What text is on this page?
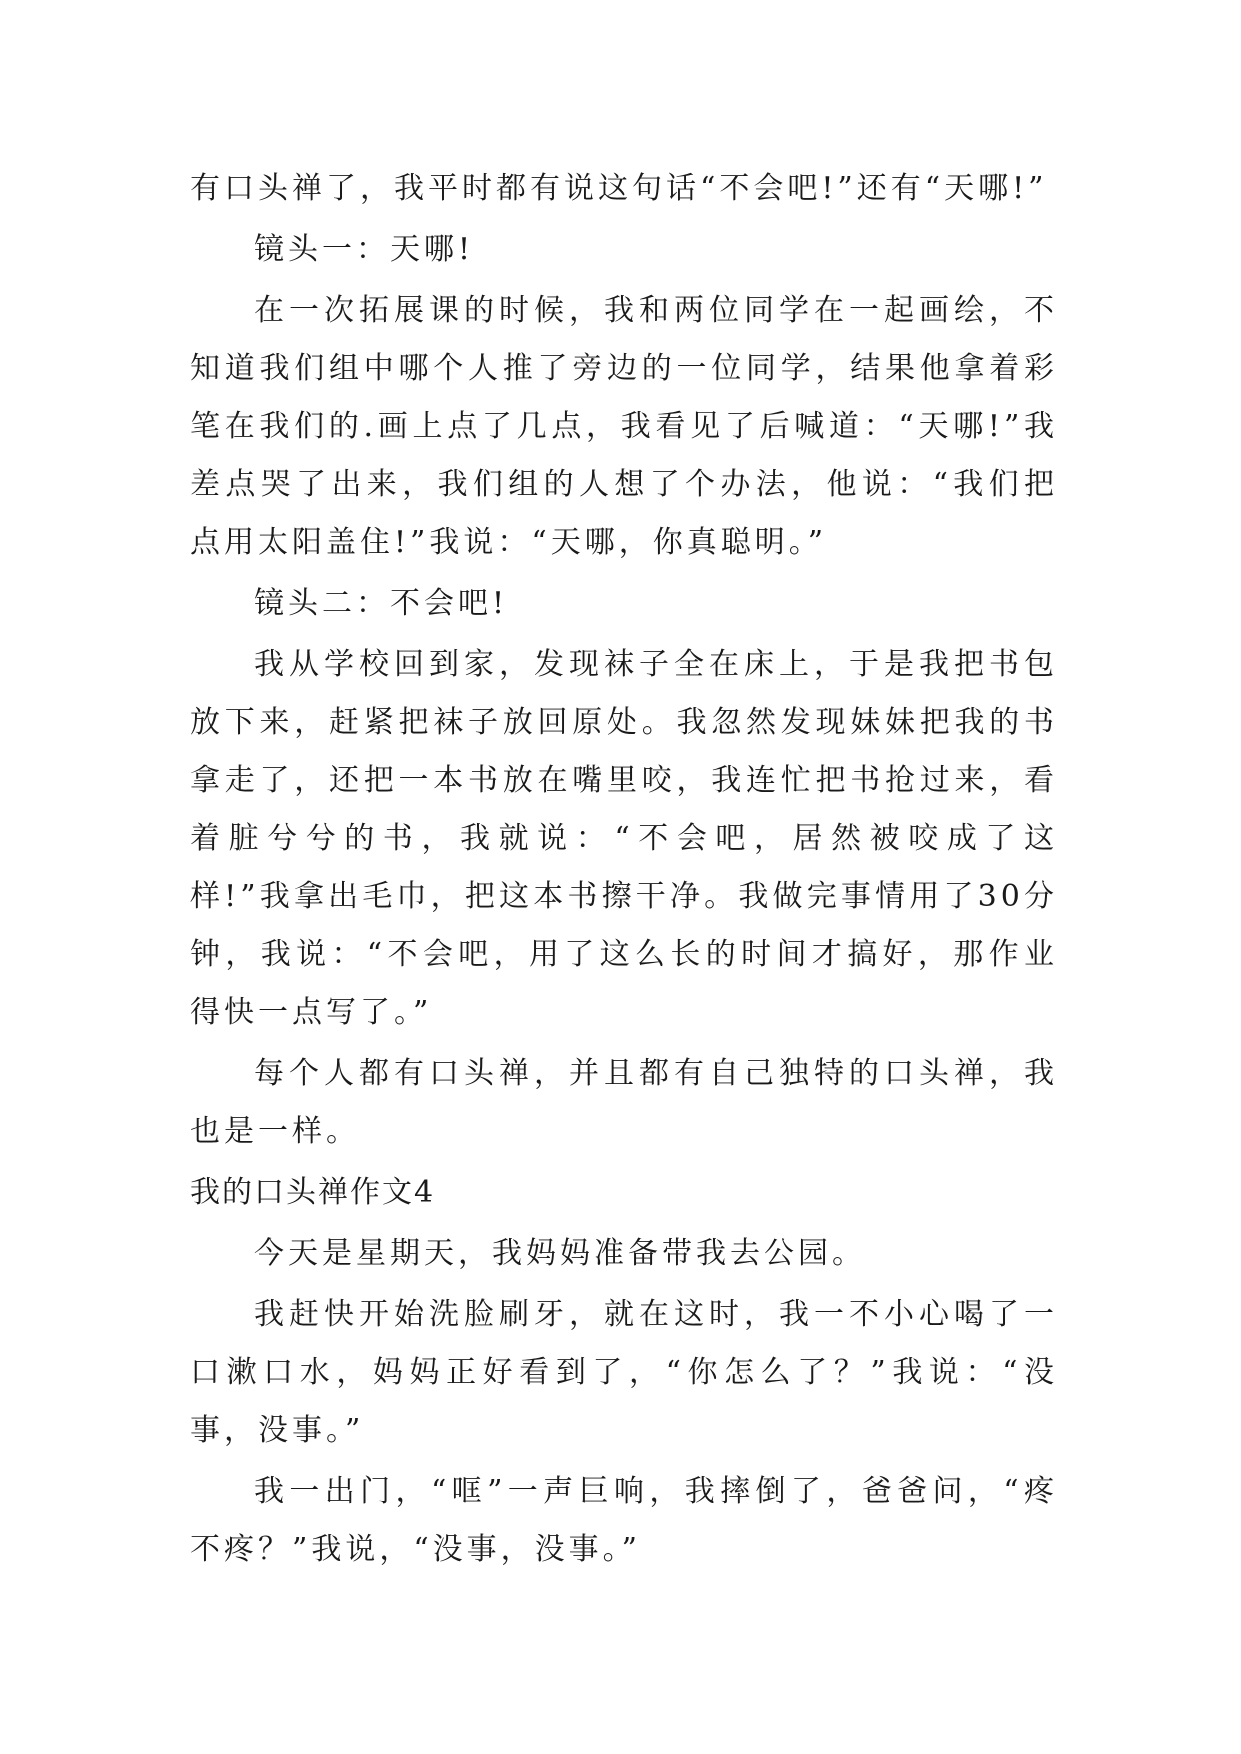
有口头禅了，我平时都有说这句话“不会吧!”还有“天哪!”

镜头一：天哪!

在一次拓展课的时候，我和两位同学在一起画绘，不知道我们组中哪个人推了旁边的一位同学，结果他拿着彩笔在我们的.画上点了几点，我看见了后喊道：“天哪!”我差点哭了出来，我们组的人想了个办法，他说：“我们把点用太阳盖住!”我说：“天哪，你真聪明。”

镜头二：不会吧!

我从学校回到家，发现袜子全在床上，于是我把书包放下来，赶紧把袜子放回原处。我忽然发现妹妹把我的书拿走了，还把一本书放在嘴里咬，我连忙把书抢过来，看着脏兮兮的书，我就说：“不会吧，居然被咬成了这样!”我拿出毛巾，把这本书擦干净。我做完事情用了30分钟，我说：“不会吧，用了这么长的时间才搞好，那作业得快一点写了。”

每个人都有口头禅，并且都有自己独特的口头禅，我也是一样。

我的口头禅作文4

今天是星期天，我妈妈准备带我去公园。

我赶快开始洗脸刷牙，就在这时，我一不小心喝了一口漱口水，妈妈正好看到了，“你怎么了？”我说：“没事，没事。”

我一出门，“哐”一声巨响，我摔倒了，爸爸问，“疼不疼？”我说，“没事，没事。”
